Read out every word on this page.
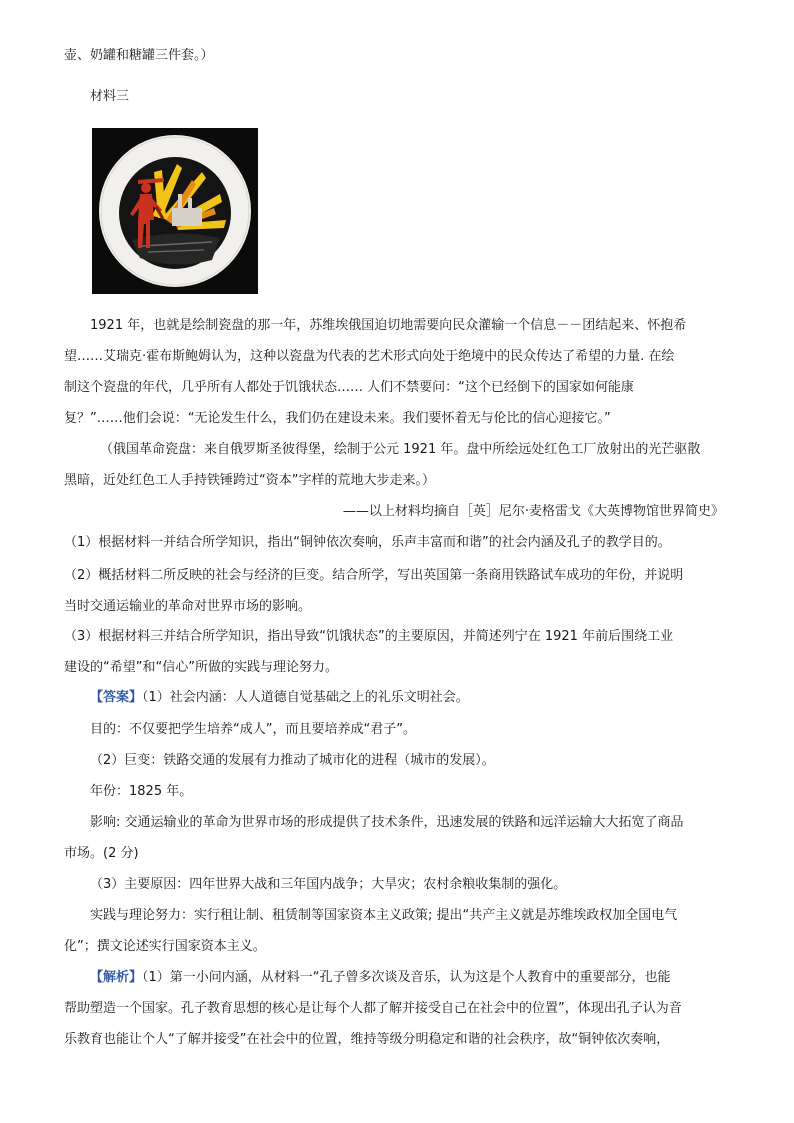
壶、奶罐和糖罐三件套。）
材料三
1921 年，也就是绘制瓷盘的那一年，苏维埃俄国迫切地需要向民众灌输一个信息－－团结起来、怀抱希
望……艾瑞克·霍布斯鲍姆认为，这种以瓷盘为代表的艺术形式向处于绝境中的民众传达了希望的力量. 在绘
制这个瓷盘的年代，几乎所有人都处于饥饿状态…… 人们不禁要问：“这个已经倒下的国家如何能康
复？”……他们会说：“无论发生什么，我们仍在建设未来。我们要怀着无与伦比的信心迎接它。”
（俄国革命瓷盘：来自俄罗斯圣彼得堡，绘制于公元 1921 年。盘中所绘远处红色工厂放射出的光芒驱散
黑暗，近处红色工人手持铁锤跨过“资本”字样的荒地大步走来。）
——以上材料均摘自［英］尼尔·麦格雷戈《大英博物馆世界简史》
（1）根据材料一并结合所学知识，指出“铜钟依次奏响，乐声丰富而和谐”的社会内涵及孔子的教学目的。
（2）概括材料二所反映的社会与经济的巨变。结合所学，写出英国第一条商用铁路试车成功的年份，并说明
当时交通运输业的革命对世界市场的影响。
（3）根据材料三并结合所学知识，指出导致“饥饿状态”的主要原因，并简述列宁在 1921 年前后围绕工业
建设的“希望”和“信心”所做的实践与理论努力。
【答案】（1）社会内涵：人人道德自觉基础之上的礼乐文明社会。
目的：不仅要把学生培养“成人”，而且要培养成“君子”。
（2）巨变：铁路交通的发展有力推动了城市化的进程（城市的发展）。
年份：1825 年。
影响: 交通运输业的革命为世界市场的形成提供了技术条件，迅速发展的铁路和远洋运输大大拓宽了商品
市场。(2 分)
（3）主要原因：四年世界大战和三年国内战争；大旱灾；农村余粮收集制的强化。
实践与理论努力：实行租让制、租赁制等国家资本主义政策; 提出“共产主义就是苏维埃政权加全国电气
化”；撰文论述实行国家资本主义。
【解析】（1）第一小问内涵，从材料一“孔子曾多次谈及音乐，认为这是个人教育中的重要部分，也能
帮助塑造一个国家。孔子教育思想的核心是让每个人都了解并接受自己在社会中的位置”，体现出孔子认为音
乐教育也能让个人“了解并接受”在社会中的位置，维持等级分明稳定和谐的社会秩序，故“铜钟依次奏响，
